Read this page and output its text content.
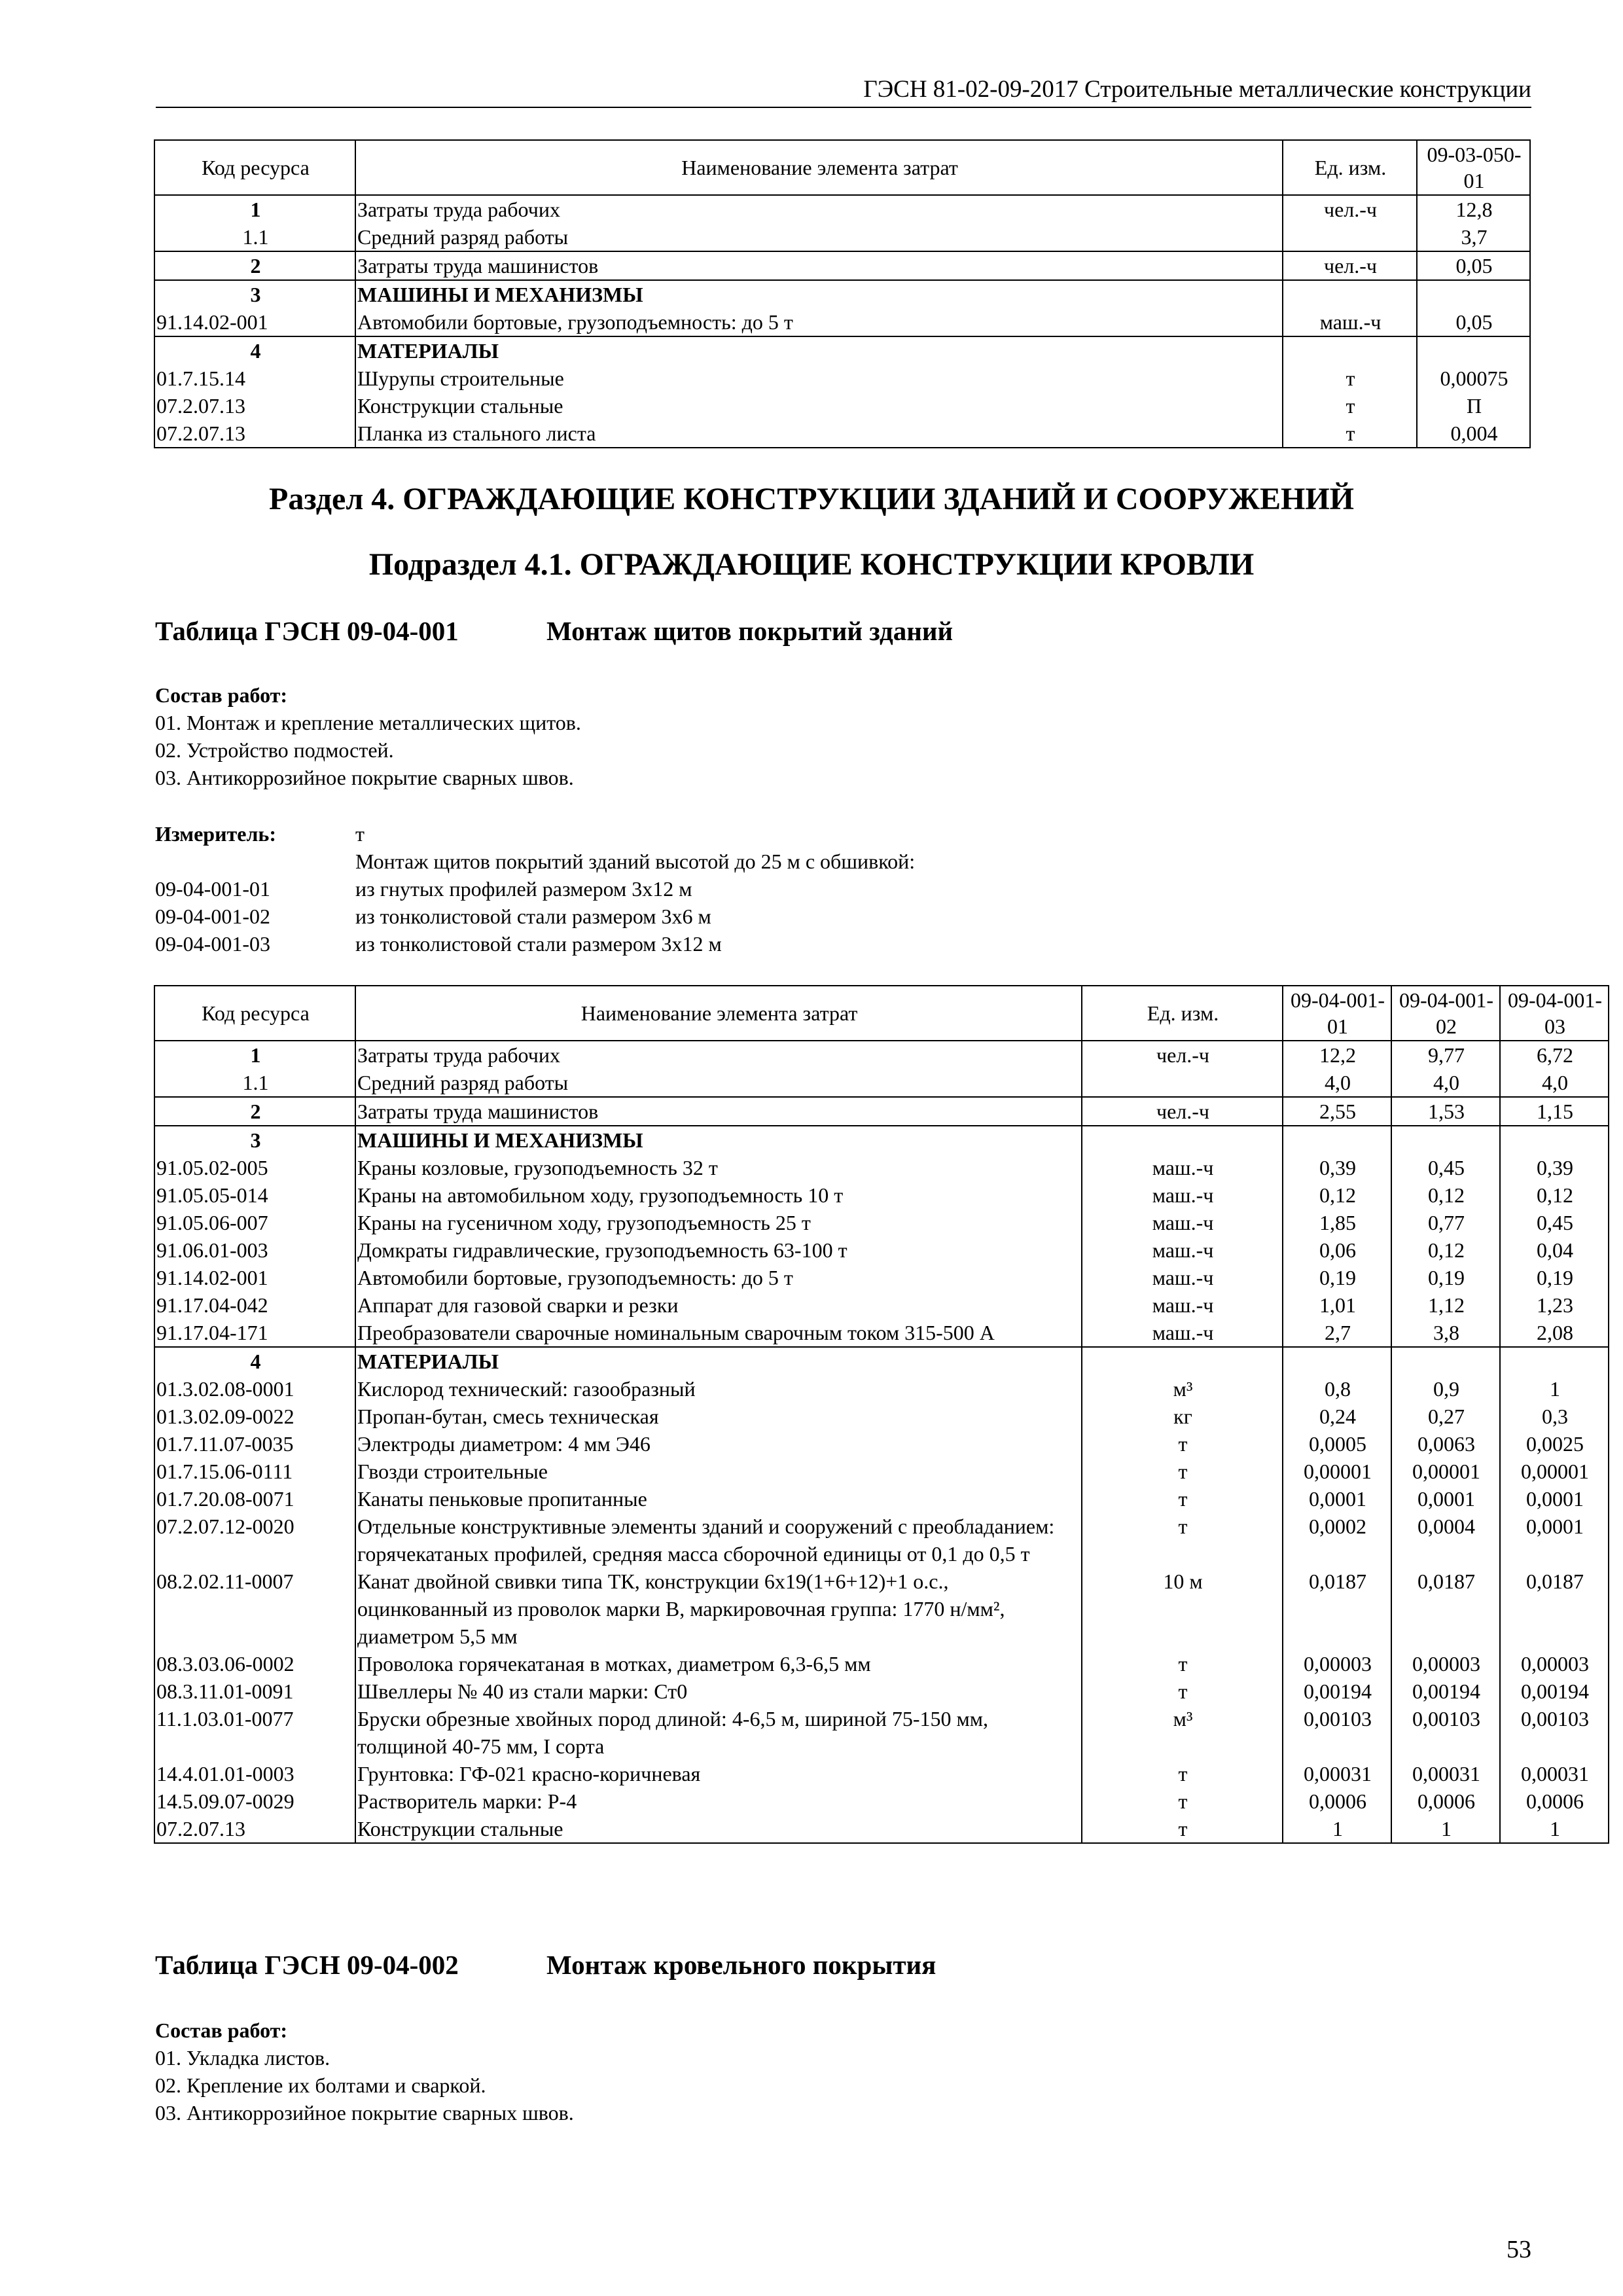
ГЭСН 81-02-09-2017 Строительные металлические конструкции
Код ресурса	Наименование элемента затрат	Ед. изм.	09-03-050-01
1	Затраты труда рабочих	чел.-ч	12,8
1.1	Средний разряд работы		3,7
2	Затраты труда машинистов	чел.-ч	0,05
3	МАШИНЫ И МЕХАНИЗМЫ		
91.14.02-001	Автомобили бортовые, грузоподъемность: до 5 т	маш.-ч	0,05
4	МАТЕРИАЛЫ		
01.7.15.14	Шурупы строительные	т	0,00075
07.2.07.13	Конструкции стальные	т	П
07.2.07.13	Планка из стального листа	т	0,004
Раздел 4. ОГРАЖДАЮЩИЕ КОНСТРУКЦИИ ЗДАНИЙ И СООРУЖЕНИЙ
Подраздел 4.1. ОГРАЖДАЮЩИЕ КОНСТРУКЦИИ КРОВЛИ
Таблица ГЭСН 09-04-001	Монтаж щитов покрытий зданий
Состав работ:
01. Монтаж и крепление металлических щитов.
02. Устройство подмостей.
03. Антикоррозийное покрытие сварных швов.
Измеритель:	т
Монтаж щитов покрытий зданий высотой до 25 м с обшивкой:
09-04-001-01	из гнутых профилей размером 3х12 м
09-04-001-02	из тонколистовой стали размером 3х6 м
09-04-001-03	из тонколистовой стали размером 3х12 м
Код ресурса	Наименование элемента затрат	Ед. изм.	09-04-001-01	09-04-001-02	09-04-001-03
1	Затраты труда рабочих	чел.-ч	12,2	9,77	6,72
1.1	Средний разряд работы		4,0	4,0	4,0
2	Затраты труда машинистов	чел.-ч	2,55	1,53	1,15
3	МАШИНЫ И МЕХАНИЗМЫ				
91.05.02-005	Краны козловые, грузоподъемность 32 т	маш.-ч	0,39	0,45	0,39
91.05.05-014	Краны на автомобильном ходу, грузоподъемность 10 т	маш.-ч	0,12	0,12	0,12
91.05.06-007	Краны на гусеничном ходу, грузоподъемность 25 т	маш.-ч	1,85	0,77	0,45
91.06.01-003	Домкраты гидравлические, грузоподъемность 63-100 т	маш.-ч	0,06	0,12	0,04
91.14.02-001	Автомобили бортовые, грузоподъемность: до 5 т	маш.-ч	0,19	0,19	0,19
91.17.04-042	Аппарат для газовой сварки и резки	маш.-ч	1,01	1,12	1,23
91.17.04-171	Преобразователи сварочные номинальным сварочным током 315-500 А	маш.-ч	2,7	3,8	2,08
4	МАТЕРИАЛЫ				
01.3.02.08-0001	Кислород технический: газообразный	м³	0,8	0,9	1
01.3.02.09-0022	Пропан-бутан, смесь техническая	кг	0,24	0,27	0,3
01.7.11.07-0035	Электроды диаметром: 4 мм Э46	т	0,0005	0,0063	0,0025
01.7.15.06-0111	Гвозди строительные	т	0,00001	0,00001	0,00001
01.7.20.08-0071	Канаты пеньковые пропитанные	т	0,0001	0,0001	0,0001
07.2.07.12-0020	Отдельные конструктивные элементы зданий и сооружений с преобладанием: горячекатаных профилей, средняя масса сборочной единицы от 0,1 до 0,5 т	т	0,0002	0,0004	0,0001
08.2.02.11-0007	Канат двойной свивки типа ТК, конструкции 6х19(1+6+12)+1 о.с., оцинкованный из проволок марки В, маркировочная группа: 1770 н/мм², диаметром 5,5 мм	10 м	0,0187	0,0187	0,0187
08.3.03.06-0002	Проволока горячекатаная в мотках, диаметром 6,3-6,5 мм	т	0,00003	0,00003	0,00003
08.3.11.01-0091	Швеллеры № 40 из стали марки: Ст0	т	0,00194	0,00194	0,00194
11.1.03.01-0077	Бруски обрезные хвойных пород длиной: 4-6,5 м, шириной 75-150 мм, толщиной 40-75 мм, I сорта	м³	0,00103	0,00103	0,00103
14.4.01.01-0003	Грунтовка: ГФ-021 красно-коричневая	т	0,00031	0,00031	0,00031
14.5.09.07-0029	Растворитель марки: Р-4	т	0,0006	0,0006	0,0006
07.2.07.13	Конструкции стальные	т	1	1	1
Таблица ГЭСН 09-04-002	Монтаж кровельного покрытия
Состав работ:
01. Укладка листов.
02. Крепление их болтами и сваркой.
03. Антикоррозийное покрытие сварных швов.
53
